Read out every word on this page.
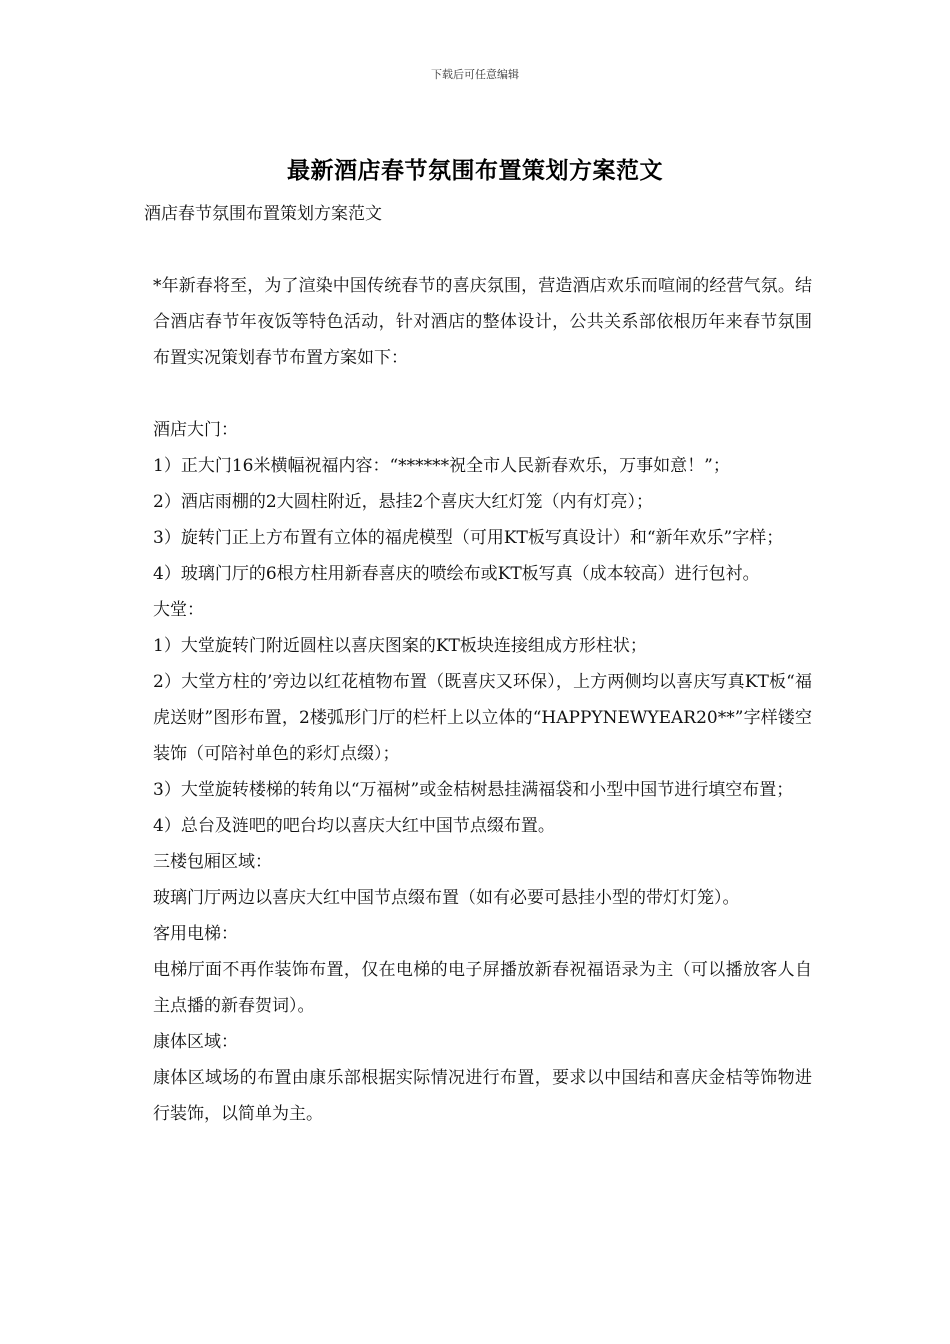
下载后可任意编辑
最新酒店春节氛围布置策划方案范文

酒店春节氛围布置策划方案范文

*年新春将至，为了渲染中国传统春节的喜庆氛围，营造酒店欢乐而喧闹的经营气氛。结合酒店春节年夜饭等特色活动，针对酒店的整体设计，公共关系部依根历年来春节氛围布置实况策划春节布置方案如下：

酒店大门：

1）正大门16米横幅祝福内容：“******祝全市人民新春欢乐，万事如意！”；

2）酒店雨棚的2大圆柱附近，悬挂2个喜庆大红灯笼（内有灯亮）；

3）旋转门正上方布置有立体的福虎模型（可用KT板写真设计）和“新年欢乐”字样；

4）玻璃门厅的6根方柱用新春喜庆的喷绘布或KT板写真（成本较高）进行包衬。

大堂：

1）大堂旋转门附近圆柱以喜庆图案的KT板块连接组成方形柱状；

2）大堂方柱的’旁边以红花植物布置（既喜庆又环保），上方两侧均以喜庆写真KT板“福虎送财”图形布置，2楼弧形门厅的栏杆上以立体的“HAPPYNEWYEAR20**”字样镂空装饰（可陪衬单色的彩灯点缀）；

3）大堂旋转楼梯的转角以“万福树”或金桔树悬挂满福袋和小型中国节进行填空布置；

4）总台及涟吧的吧台均以喜庆大红中国节点缀布置。

三楼包厢区域：

玻璃门厅两边以喜庆大红中国节点缀布置（如有必要可悬挂小型的带灯灯笼）。

客用电梯：

电梯厅面不再作装饰布置，仅在电梯的电子屏播放新春祝福语录为主（可以播放客人自主点播的新春贺词）。

康体区域：

康体区域场的布置由康乐部根据实际情况进行布置，要求以中国结和喜庆金桔等饰物进行装饰，以简单为主。
